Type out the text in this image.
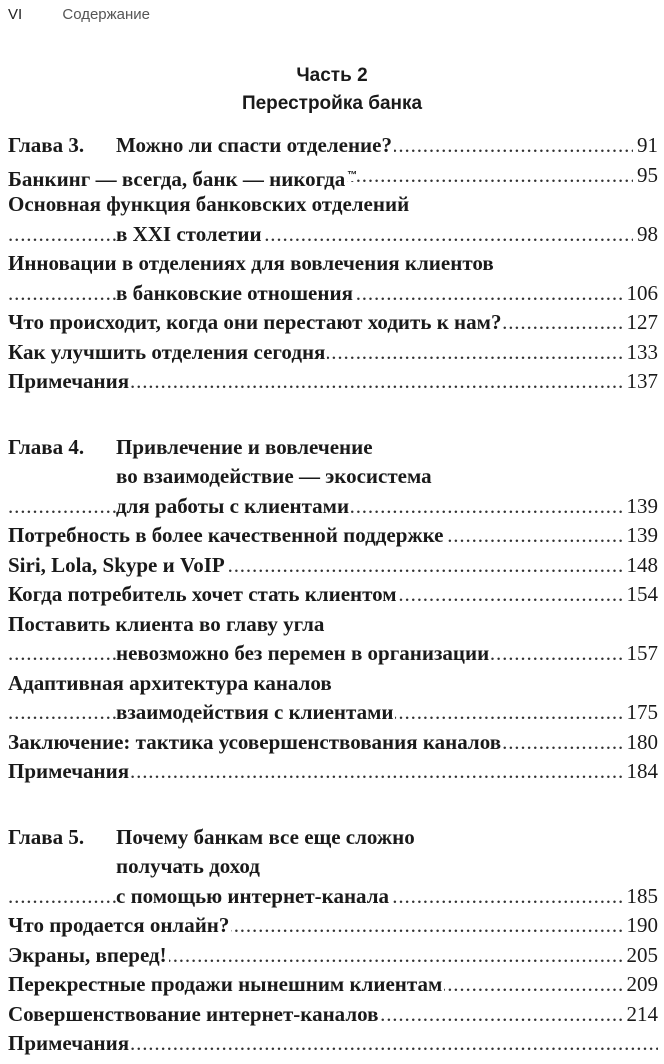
VI	Содержание
Часть 2
Перестройка банка
. . . Глава 3. Можно ли спасти отделение?	91
. . . Банкинг — всегда, банк — никогда ™	95
Основная функция банковских отделений
. . . в XXI столетии	98
Инновации в отделениях для вовлечения клиентов
. . . в банковские отношения	106
. . . Что происходит, когда они перестают ходить к нам?	127
. . . Как улучшить отделения сегодня	133
. . . Примечания	137
Глава 4. Привлечение и вовлечение
во взаимодействие — экосистема
. . . для работы с клиентами	139
. . . Потребность в более качественной поддержке	139
. . . Siri, Lola, Skype и VoIP	148
. . . Когда потребитель хочет стать клиентом	154
Поставить клиента во главу угла
. . . невозможно без перемен в организации	157
Адаптивная архитектура каналов
. . . взаимодействия с клиентами	175
. . . Заключение: тактика усовершенствования каналов	180
. . . Примечания	184
Глава 5. Почему банкам все еще сложно
получать доход
. . . с помощью интернет-канала	185
. . . Что продается онлайн?	190
. . . Экраны, вперед!	205
. . . Перекрестные продажи нынешним клиентам	209
. . . Совершенствование интернет-каналов	214
. . . Примечания
